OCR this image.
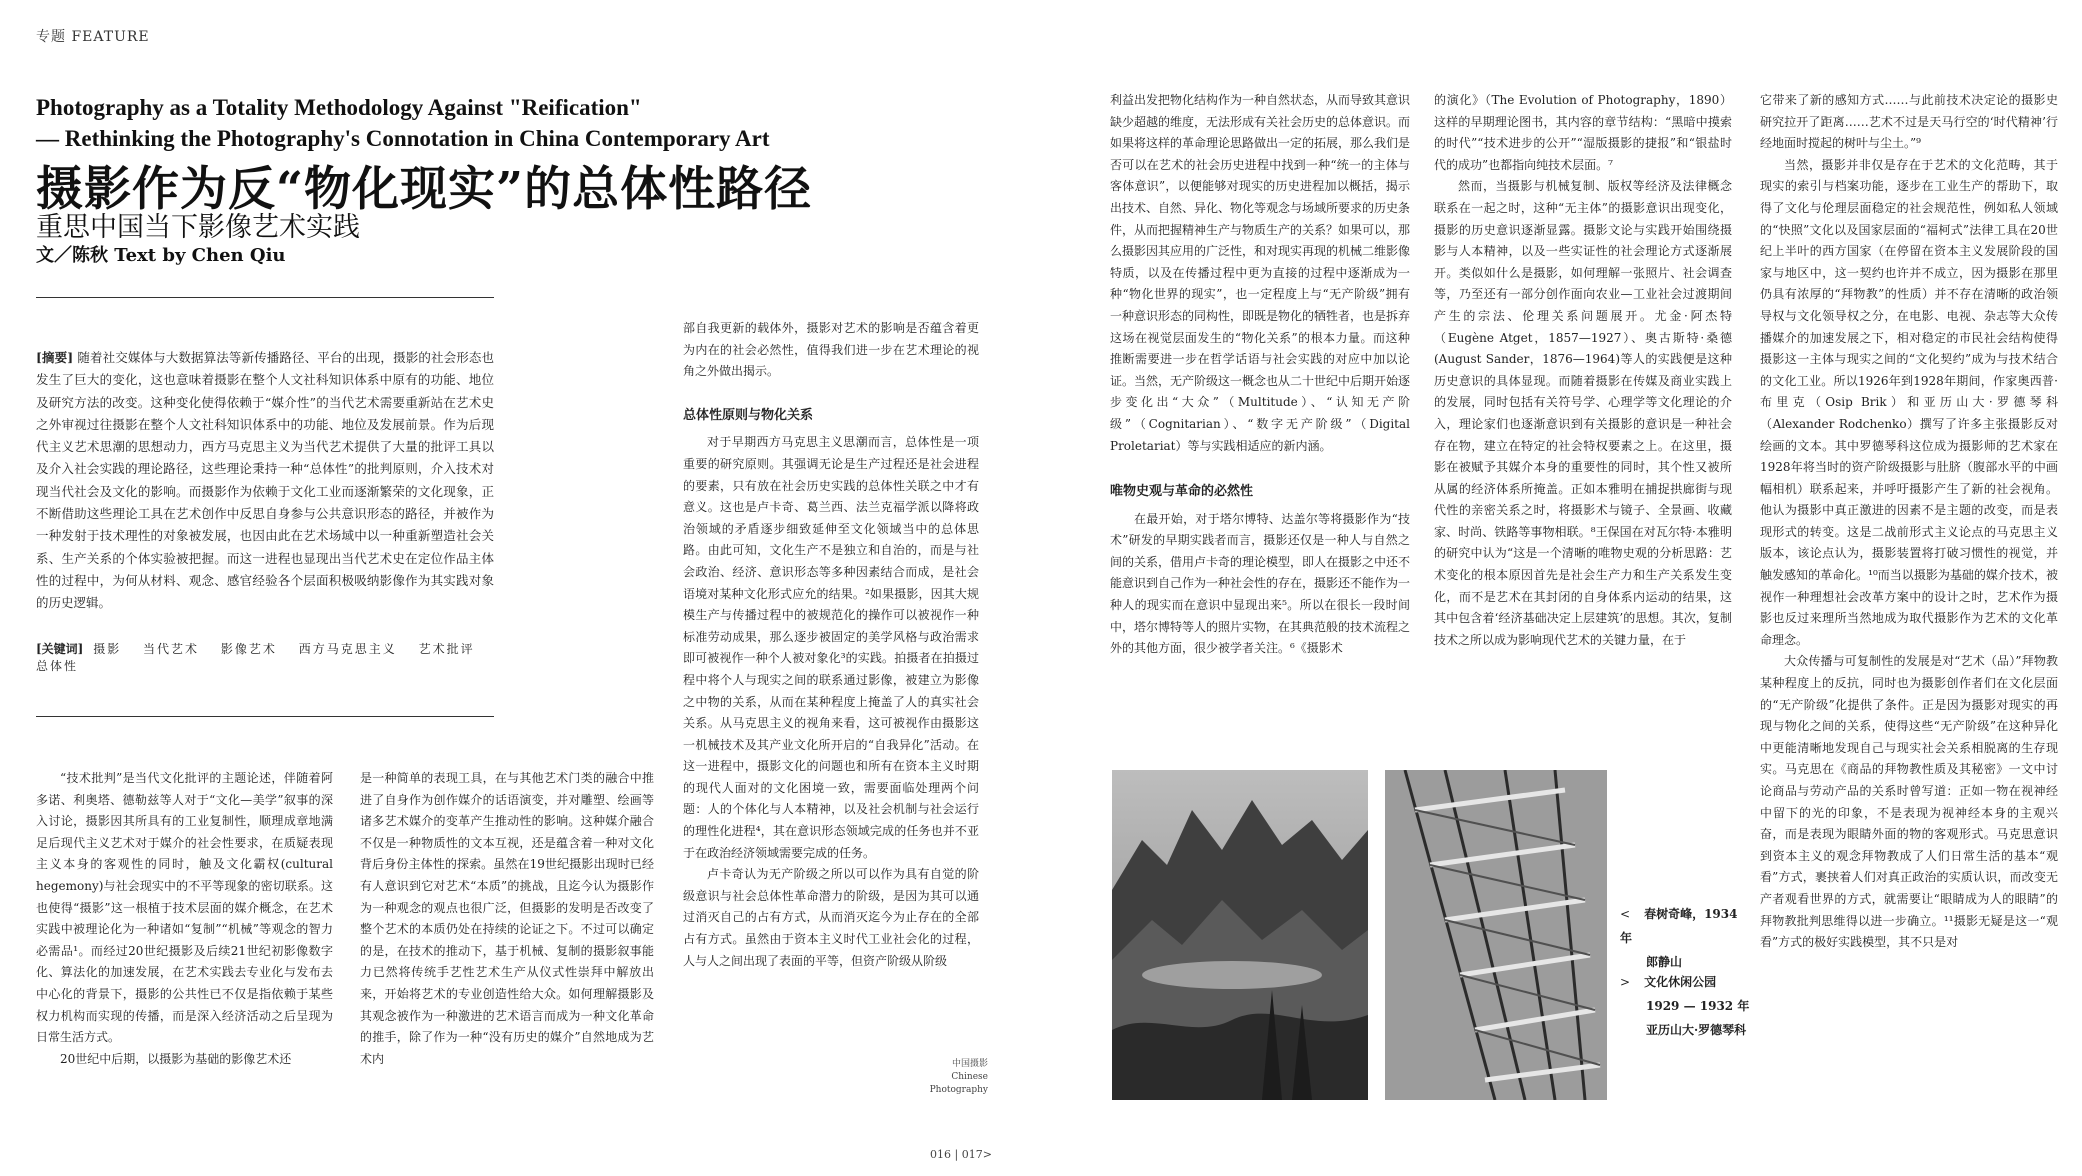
专题 FEATURE
Photography as a Totality Methodology Against "Reification"
— Rethinking the Photography's Connotation in China Contemporary Art
摄影作为反“物化现实”的总体性路径
重思中国当下影像艺术实践
文／陈秋 Text by Chen Qiu
[摘要] 随着社交媒体与大数据算法等新传播路径、平台的出现，摄影的社会形态也发生了巨大的变化，这也意味着摄影在整个人文社科知识体系中原有的功能、地位及研究方法的改变。这种变化使得依赖于“媒介性”的当代艺术需要重新站在艺术史之外审视过往摄影在整个人文社科知识体系中的功能、地位及发展前景。作为后现代主义艺术思潮的思想动力，西方马克思主义为当代艺术提供了大量的批评工具以及介入社会实践的理论路径，这些理论秉持一种“总体性”的批判原则，介入技术对现当代社会及文化的影响。而摄影作为依赖于文化工业而逐渐繁荣的文化现象，正不断借助这些理论工具在艺术创作中反思自身参与公共意识形态的路径，并被作为一种发射于技术理性的对象被发展，也因由此在艺术场域中以一种重新塑造社会关系、生产关系的个体实验被把握。而这一进程也显现出当代艺术史在定位作品主体性的过程中，为何从材料、观念、感官经验各个层面积极吸纳影像作为其实践对象的历史逻辑。
[关键词] 摄影 当代艺术 影像艺术 西方马克思主义 艺术批评 总体性

“技术批判”是当代文化批评的主题论述，伴随着阿多诺、利奥塔、德勒兹等人对于“文化—美学”叙事的深入讨论，摄影因其所具有的工业复制性，顺理成章地满足后现代主义艺术对于媒介的社会性要求，在质疑表现主义本身的客观性的同时，触及文化霸权(cultural hegemony)与社会现实中的不平等现象的密切联系。这也使得“摄影”这一根植于技术层面的媒介概念，在艺术实践中被理论化为一种诸如“复制”“机械”等观念的智力必需品¹。而经过20世纪摄影及后续21世纪初影像数字化、算法化的加速发展，在艺术实践去专业化与发布去中心化的背景下，摄影的公共性已不仅是指依赖于某些权力机构而实现的传播，而是深入经济活动之后呈现为日常生活方式。

20世纪中后期，以摄影为基础的影像艺术还

是一种简单的表现工具，在与其他艺术门类的融合中推进了自身作为创作媒介的话语演变，并对雕塑、绘画等诸多艺术媒介的变革产生推动性的影响。这种媒介融合不仅是一种物质性的文本互视，还是蕴含着一种对文化背后身份主体性的探索。虽然在19世纪摄影出现时已经有人意识到它对艺术“本质”的挑战，且迄今认为摄影作为一种观念的观点也很广泛，但摄影的发明是否改变了整个艺术的本质仍处在持续的论证之下。不过可以确定的是，在技术的推动下，基于机械、复制的摄影叙事能力已然将传统手艺性艺术生产从仪式性崇拜中解放出来，开始将艺术的专业创造性给大众。如何理解摄影及其观念被作为一种激进的艺术语言而成为一种文化革命的推手，除了作为一种“没有历史的媒介”自然地成为艺术内

部自我更新的载体外，摄影对艺术的影响是否蕴含着更为内在的社会必然性，值得我们进一步在艺术理论的视角之外做出揭示。

总体性原则与物化关系

对于早期西方马克思主义思潮而言，总体性是一项重要的研究原则。其强调无论是生产过程还是社会进程的要素，只有放在社会历史实践的总体性关联之中才有意义。这也是卢卡奇、葛兰西、法兰克福学派以降将政治领域的矛盾逐步细致延伸至文化领域当中的总体思路。由此可知，文化生产不是独立和自治的，而是与社会政治、经济、意识形态等多种因素结合而成，是社会语境对某种文化形式应允的结果。²如果摄影，因其大规模生产与传播过程中的被规范化的操作可以被视作一种标准劳动成果，那么逐步被固定的美学风格与政治需求即可被视作一种个人被对象化³的实践。拍摄者在拍摄过程中将个人与现实之间的联系通过影像，被建立为影像之中物的关系，从而在某种程度上掩盖了人的真实社会关系。从马克思主义的视角来看，这可被视作由摄影这一机械技术及其产业文化所开启的“自我异化”活动。在这一进程中，摄影文化的问题也和所有在资本主义时期的现代人面对的文化困境一致，需要面临处理两个问题：人的个体化与人本精神，以及社会机制与社会运行的理性化进程⁴，其在意识形态领域完成的任务也并不亚于在政治经济领域需要完成的任务。

卢卡奇认为无产阶级之所以可以作为具有自觉的阶级意识与社会总体性革命潜力的阶级，是因为其可以通过消灭自己的占有方式，从而消灭迄今为止存在的全部占有方式。虽然由于资本主义时代工业社会化的过程，人与人之间出现了表面的平等，但资产阶级从阶级

中国摄影
Chinese
Photography

利益出发把物化结构作为一种自然状态，从而导致其意识缺少超越的维度，无法形成有关社会历史的总体意识。而如果将这样的革命理论思路做出一定的拓展，那么我们是否可以在艺术的社会历史进程中找到一种“统一的主体与客体意识”，以便能够对现实的历史进程加以概括，揭示出技术、自然、异化、物化等观念与场域所要求的历史条件，从而把握精神生产与物质生产的关系？如果可以，那么摄影因其应用的广泛性，和对现实再现的机械二维影像特质，以及在传播过程中更为直接的过程中逐渐成为一种“物化世界的现实”，也一定程度上与“无产阶级”拥有一种意识形态的同构性，即既是物化的牺牲者，也是拆弃这场在视觉层面发生的“物化关系”的根本力量。而这种推断需要进一步在哲学话语与社会实践的对应中加以论证。当然，无产阶级这一概念也从二十世纪中后期开始逐步变化出“大众”（Multitude）、“认知无产阶级”（Cognitarian）、“数字无产阶级”（Digital Proletariat）等与实践相适应的新内涵。

唯物史观与革命的必然性

在最开始，对于塔尔博特、达盖尔等将摄影作为“技术”研发的早期实践者而言，摄影还仅是一种人与自然之间的关系，借用卢卡奇的理论模型，即人在摄影之中还不能意识到自己作为一种社会性的存在，摄影还不能作为一种人的现实而在意识中显现出来⁵。所以在很长一段时间中，塔尔博特等人的照片实物，在其典范般的技术流程之外的其他方面，很少被学者关注。⁶《摄影术

的演化》（The Evolution of Photography，1890）这样的早期理论图书，其内容的章节结构：“黑暗中摸索的时代”“技术进步的公开”“湿版摄影的捷报”和“银盐时代的成功”也都指向纯技术层面。⁷

然而，当摄影与机械复制、版权等经济及法律概念联系在一起之时，这种“无主体”的摄影意识出现变化，摄影的历史意识逐渐显露。摄影文论与实践开始围绕摄影与人本精神，以及一些实证性的社会理论方式逐渐展开。类似如什么是摄影，如何理解一张照片、社会调查等，乃至还有一部分创作面向农业—工业社会过渡期间产生的宗法、伦理关系问题展开。尤金·阿杰特（Eugène Atget，1857—1927）、奥古斯特·桑德(August Sander，1876—1964)等人的实践便是这种历史意识的具体显现。而随着摄影在传媒及商业实践上的发展，同时包括有关符号学、心理学等文化理论的介入，理论家们也逐渐意识到有关摄影的意识是一种社会存在物，建立在特定的社会特权要素之上。在这里，摄影在被赋予其媒介本身的重要性的同时，其个性又被所从属的经济体系所掩盖。正如本雅明在捕捉拱廊街与现代性的亲密关系之时，将摄影术与镜子、全景画、收藏家、时尚、铁路等事物相联。⁸王保国在对瓦尔特·本雅明的研究中认为“这是一个清晰的唯物史观的分析思路：艺术变化的根本原因首先是社会生产力和生产关系发生变化，而不是艺术在其封闭的自身体系内运动的结果，这其中包含着‘经济基础决定上层建筑’的思想。其次，复制技术之所以成为影响现代艺术的关键力量，在于

它带来了新的感知方式……与此前技术决定论的摄影史研究拉开了距离……艺术不过是天马行空的‘时代精神’行经地面时搅起的树叶与尘土。”⁹

当然，摄影并非仅是存在于艺术的文化范畴，其于现实的索引与档案功能，逐步在工业生产的帮助下，取得了文化与伦理层面稳定的社会规范性，例如私人领域的“快照”文化以及国家层面的“福柯式”法律工具在20世纪上半叶的西方国家（在停留在资本主义发展阶段的国家与地区中，这一契约也许并不成立，因为摄影在那里仍具有浓厚的“拜物教”的性质）并不存在清晰的政治领导权与文化领导权之分，在电影、电视、杂志等大众传播媒介的加速发展之下，相对稳定的市民社会结构使得摄影这一主体与现实之间的“文化契约”成为与技术结合的文化工业。所以1926年到1928年期间，作家奥西普·布里克（Osip Brik）和亚历山大·罗德琴科（Alexander Rodchenko）撰写了许多主张摄影反对绘画的文本。其中罗德琴科这位成为摄影师的艺术家在1928年将当时的资产阶级摄影与肚脐（腹部水平的中画幅相机）联系起来，并呼吁摄影产生了新的社会视角。他认为摄影中真正激进的因素不是主题的改变，而是表现形式的转变。这是二战前形式主义论点的马克思主义版本，该论点认为，摄影装置将打破习惯性的视觉，并触发感知的革命化。¹⁰而当以摄影为基础的媒介技术，被视作一种理想社会改革方案中的设计之时，艺术作为摄影也反过来理所当然地成为取代摄影作为艺术的文化革命理念。

大众传播与可复制性的发展是对“艺术（品）”拜物教某种程度上的反抗，同时也为摄影创作者们在文化层面的“无产阶级”化提供了条件。正是因为摄影对现实的再现与物化之间的关系，使得这些“无产阶级”在这种异化中更能清晰地发现自己与现实社会关系相脱离的生存现实。马克思在《商品的拜物教性质及其秘密》一文中讨论商品与劳动产品的关系时曾写道：正如一物在视神经中留下的光的印象，不是表现为视神经本身的主观兴奋，而是表现为眼睛外面的物的客观形式。马克思意识到资本主义的观念拜物教成了人们日常生活的基本“观看”方式，裹挟着人们对真正政治的实质认识，而改变无产者观看世界的方式，就需要让“眼睛成为人的眼睛”的拜物教批判思维得以进一步确立。¹¹摄影无疑是这一“观看”方式的极好实践模型，其不只是对

< 春树奇峰，1934年
郎静山
> 文化休闲公园
1929 — 1932 年
亚历山大·罗德琴科
016 | 017>
